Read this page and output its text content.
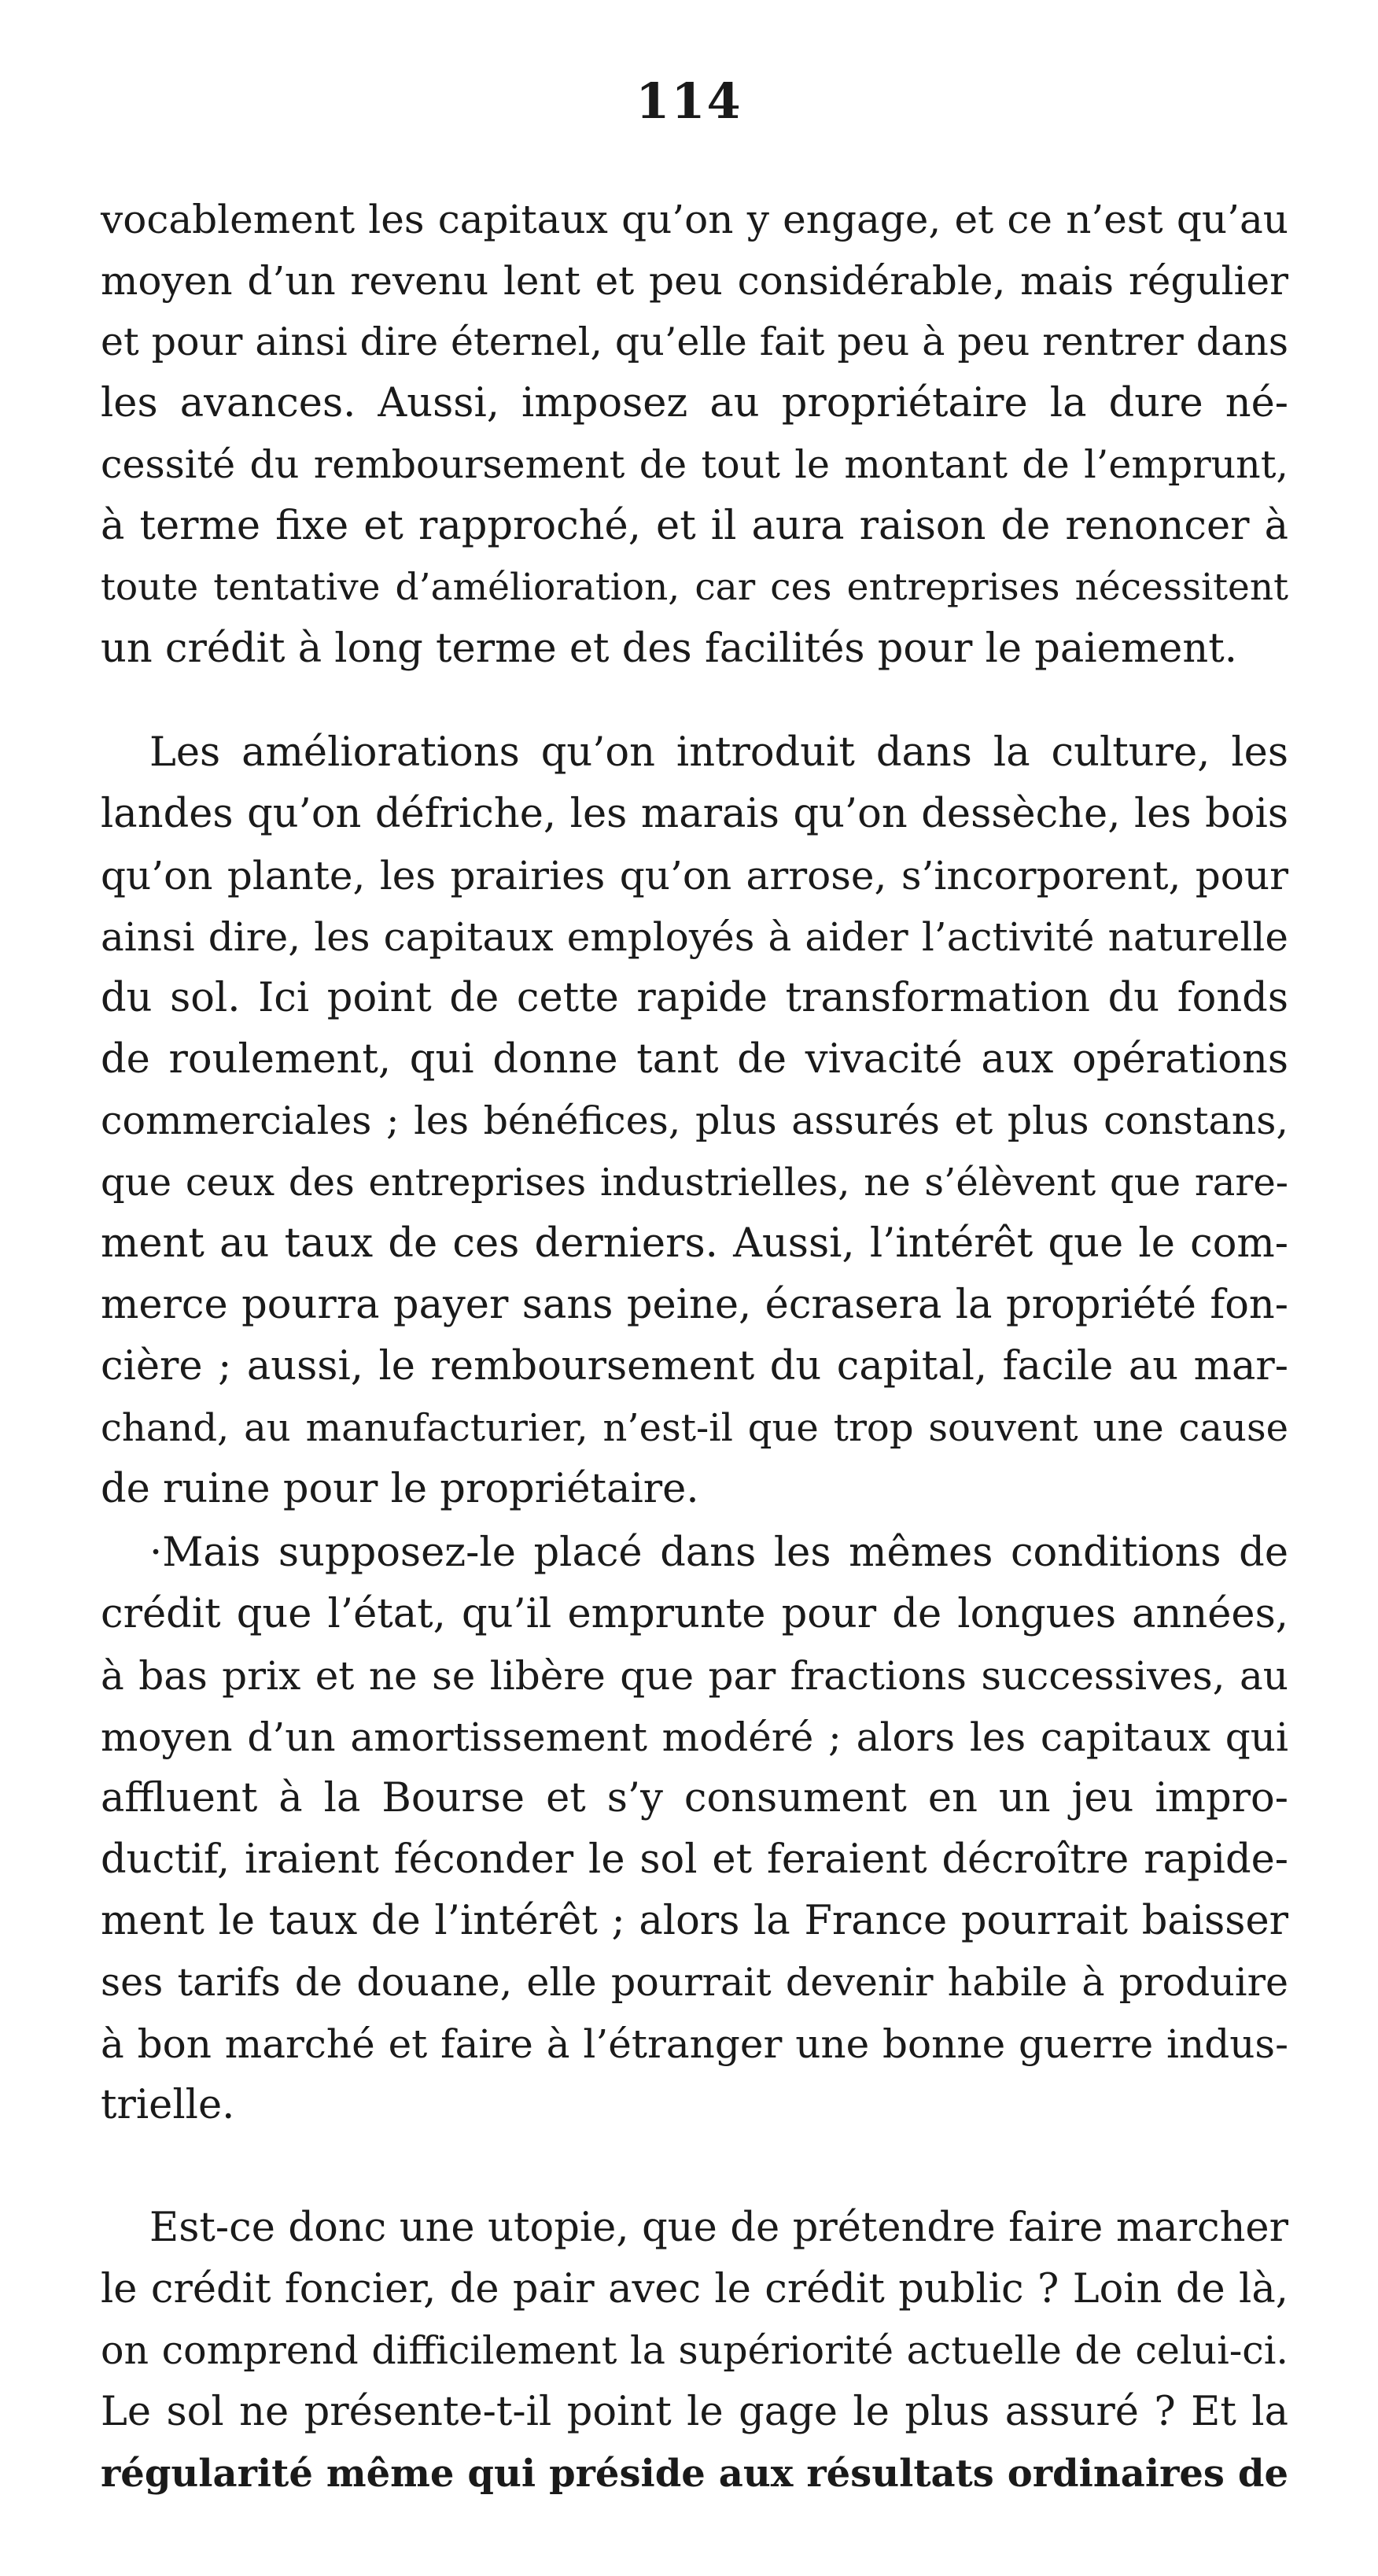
114
vocablement les capitaux qu’on y engage, et ce n’est qu’au
moyen d’un revenu lent et peu considérable, mais régulier
et pour ainsi dire éternel, qu’elle fait peu à peu rentrer dans
les avances. Aussi, imposez au propriétaire la dure né-
cessité du remboursement de tout le montant de l’emprunt,
à terme fixe et rapproché, et il aura raison de renoncer à
toute tentative d’amélioration, car ces entreprises nécessitent
un crédit à long terme et des facilités pour le paiement.
Les améliorations qu’on introduit dans la culture, les
landes qu’on défriche, les marais qu’on dessèche, les bois
qu’on plante, les prairies qu’on arrose, s’incorporent, pour
ainsi dire, les capitaux employés à aider l’activité naturelle
du sol. Ici point de cette rapide transformation du fonds
de roulement, qui donne tant de vivacité aux opérations
commerciales ; les bénéfices, plus assurés et plus constans,
que ceux des entreprises industrielles, ne s’élèvent que rare-
ment au taux de ces derniers. Aussi, l’intérêt que le com-
merce pourra payer sans peine, écrasera la propriété fon-
cière ; aussi, le remboursement du capital, facile au mar-
chand, au manufacturier, n’est-il que trop souvent une cause
de ruine pour le propriétaire.
·Mais supposez-le placé dans les mêmes conditions de
crédit que l’état, qu’il emprunte pour de longues années,
à bas prix et ne se libère que par fractions successives, au
moyen d’un amortissement modéré ; alors les capitaux qui
affluent à la Bourse et s’y consument en un jeu impro-
ductif, iraient féconder le sol et feraient décroître rapide-
ment le taux de l’intérêt ; alors la France pourrait baisser
ses tarifs de douane, elle pourrait devenir habile à produire
à bon marché et faire à l’étranger une bonne guerre indus-
trielle.
Est-ce donc une utopie, que de prétendre faire marcher
le crédit foncier, de pair avec le crédit public ? Loin de là,
on comprend difficilement la supériorité actuelle de celui-ci.
Le sol ne présente-t-il point le gage le plus assuré ? Et la
régularité même qui préside aux résultats ordinaires de
